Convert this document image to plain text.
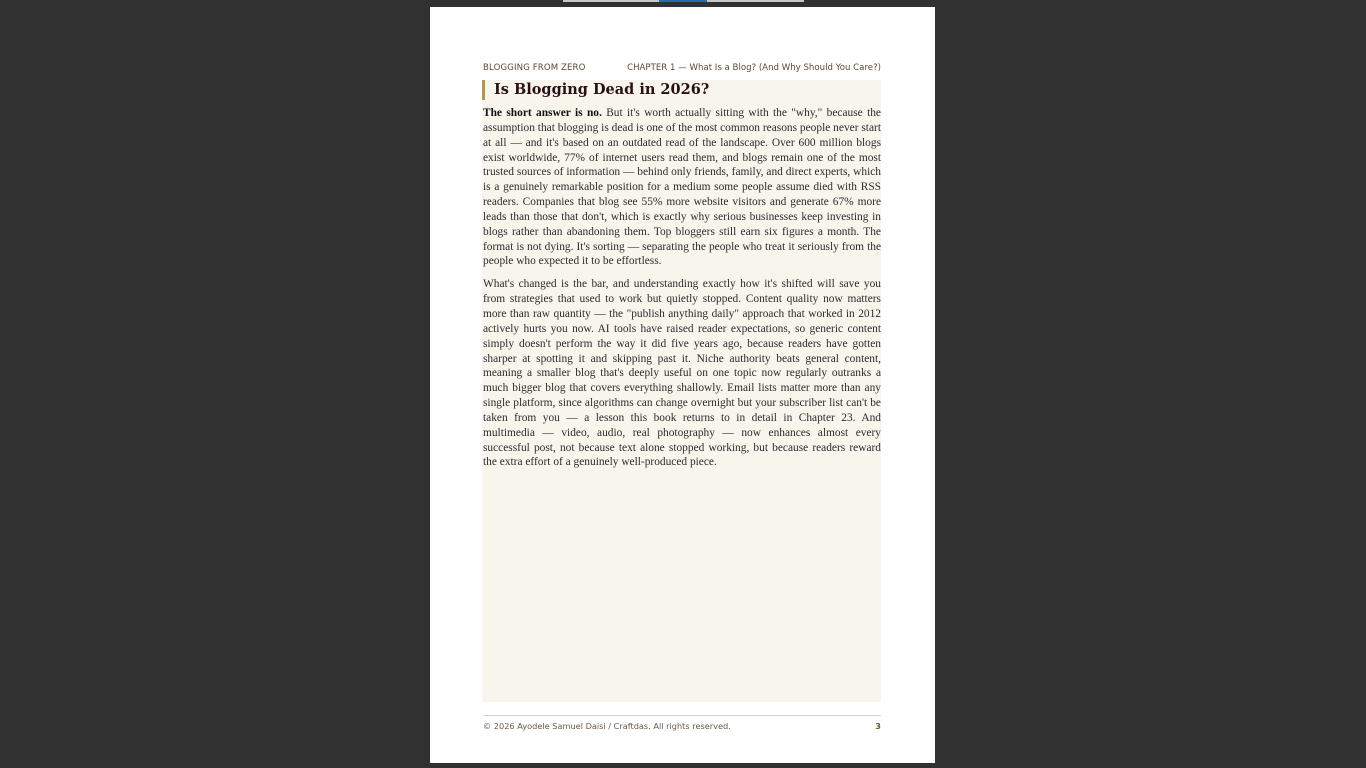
BLOGGING FROM ZERO	CHAPTER 1 — What Is a Blog? (And Why Should You Care?)
Is Blogging Dead in 2026?

The short answer is no. But it's worth actually sitting with the "why," because the assumption that blogging is dead is one of the most common reasons people never start at all — and it's based on an outdated read of the landscape. Over 600 million blogs exist worldwide, 77% of internet users read them, and blogs remain one of the most trusted sources of information — behind only friends, family, and direct experts, which is a genuinely remarkable position for a medium some people assume died with RSS readers. Companies that blog see 55% more website visitors and generate 67% more leads than those that don't, which is exactly why serious businesses keep investing in blogs rather than abandoning them. Top bloggers still earn six figures a month. The format is not dying. It's sorting — separating the people who treat it seriously from the people who expected it to be effortless.

What's changed is the bar, and understanding exactly how it's shifted will save you from strategies that used to work but quietly stopped. Content quality now matters more than raw quantity — the "publish anything daily" approach that worked in 2012 actively hurts you now. AI tools have raised reader expectations, so generic content simply doesn't perform the way it did five years ago, because readers have gotten sharper at spotting it and skipping past it. Niche authority beats general content, meaning a smaller blog that's deeply useful on one topic now regularly outranks a much bigger blog that covers everything shallowly. Email lists matter more than any single platform, since algorithms can change overnight but your subscriber list can't be taken from you — a lesson this book returns to in detail in Chapter 23. And multimedia — video, audio, real photography — now enhances almost every successful post, not because text alone stopped working, but because readers reward the extra effort of a genuinely well-produced piece.

© 2026 Ayodele Samuel Daisi / Craftdas. All rights reserved.	3
